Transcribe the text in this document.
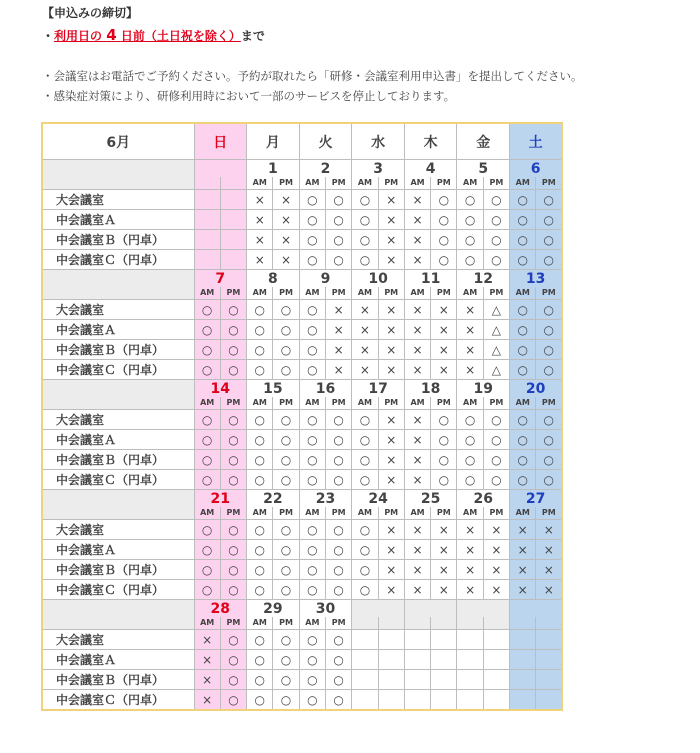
【申込みの締切】
・利用日の 4 日前（土日祝を除く）まで
・会議室はお電話でご予約ください。予約が取れたら「研修・会議室利用申込書」を提出してください。
・感染症対策により、研修利用時において一部のサービスを停止しております。
6月	日		月		火		水		木		金		土	
			1		2		3		4		5		6	
			AM	PM	AM	PM	AM	PM	AM	PM	AM	PM	AM	PM
大会議室			×	×	○	○	○	×	×	○	○	○	○	○
中会議室Ａ			×	×	○	○	○	×	×	○	○	○	○	○
中会議室Ｂ（円卓）			×	×	○	○	○	×	×	○	○	○	○	○
中会議室Ｃ（円卓）			×	×	○	○	○	×	×	○	○	○	○	○
	7		8		9		10		11		12		13	
	AM	PM	AM	PM	AM	PM	AM	PM	AM	PM	AM	PM	AM	PM
大会議室	○	○	○	○	○	×	×	×	×	×	×	△	○	○
中会議室Ａ	○	○	○	○	○	×	×	×	×	×	×	△	○	○
中会議室Ｂ（円卓）	○	○	○	○	○	×	×	×	×	×	×	△	○	○
中会議室Ｃ（円卓）	○	○	○	○	○	×	×	×	×	×	×	△	○	○
	14		15		16		17		18		19		20	
	AM	PM	AM	PM	AM	PM	AM	PM	AM	PM	AM	PM	AM	PM
大会議室	○	○	○	○	○	○	○	×	×	○	○	○	○	○
中会議室Ａ	○	○	○	○	○	○	○	×	×	○	○	○	○	○
中会議室Ｂ（円卓）	○	○	○	○	○	○	○	×	×	○	○	○	○	○
中会議室Ｃ（円卓）	○	○	○	○	○	○	○	×	×	○	○	○	○	○
	21		22		23		24		25		26		27	
	AM	PM	AM	PM	AM	PM	AM	PM	AM	PM	AM	PM	AM	PM
大会議室	○	○	○	○	○	○	○	×	×	×	×	×	×	×
中会議室Ａ	○	○	○	○	○	○	○	×	×	×	×	×	×	×
中会議室Ｂ（円卓）	○	○	○	○	○	○	○	×	×	×	×	×	×	×
中会議室Ｃ（円卓）	○	○	○	○	○	○	○	×	×	×	×	×	×	×
	28		29		30									
	AM	PM	AM	PM	AM	PM								
大会議室	×	○	○	○	○	○								
中会議室Ａ	×	○	○	○	○	○								
中会議室Ｂ（円卓）	×	○	○	○	○	○								
中会議室Ｃ（円卓）	×	○	○	○	○	○								
